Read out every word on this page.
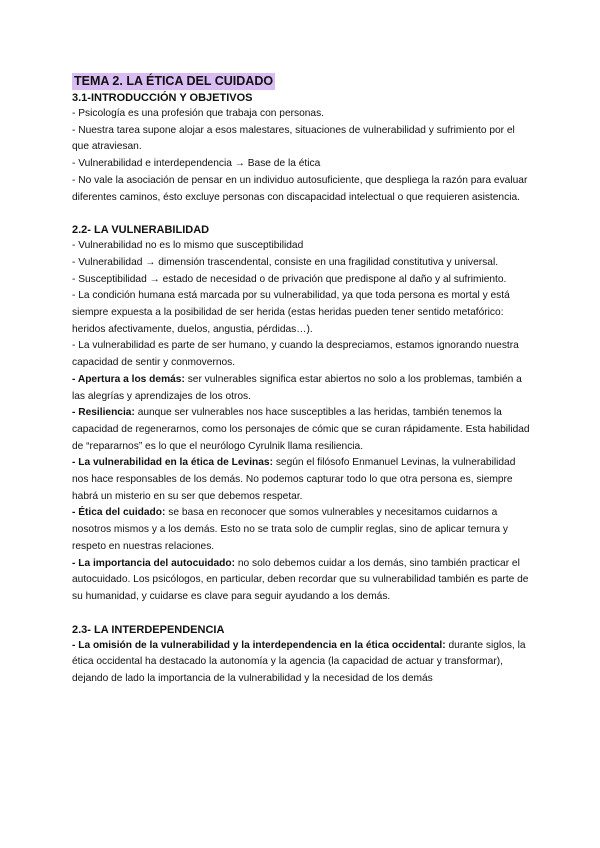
TEMA 2. LA ÉTICA DEL CUIDADO
3.1-INTRODUCCIÓN Y OBJETIVOS

- Psicología es una profesión que trabaja con personas.

- Nuestra tarea supone alojar a esos malestares, situaciones de vulnerabilidad y sufrimiento por el que atraviesan.

- Vulnerabilidad e interdependencia → Base de la ética

- No vale la asociación de pensar en un individuo autosuficiente, que despliega la razón para evaluar diferentes caminos, ésto excluye personas con discapacidad intelectual o que requieren asistencia.

2.2- LA VULNERABILIDAD

- Vulnerabilidad no es lo mismo que susceptibilidad

- Vulnerabilidad → dimensión trascendental, consiste en una fragilidad constitutiva y universal.

- Susceptibilidad → estado de necesidad o de privación que predispone al daño y al sufrimiento.

- La condición humana está marcada por su vulnerabilidad, ya que toda persona es mortal y está siempre expuesta a la posibilidad de ser herida (estas heridas pueden tener sentido metafórico: heridos afectivamente, duelos, angustia, pérdidas…).

- La vulnerabilidad es parte de ser humano, y cuando la despreciamos, estamos ignorando nuestra capacidad de sentir y conmovernos.

- Apertura a los demás: ser vulnerables significa estar abiertos no solo a los problemas, también a las alegrías y aprendizajes de los otros.

- Resiliencia: aunque ser vulnerables nos hace susceptibles a las heridas, también tenemos la capacidad de regenerarnos, como los personajes de cómic que se curan rápidamente. Esta habilidad de “repararnos” es lo que el neurólogo Cyrulnik llama resiliencia.

- La vulnerabilidad en la ética de Levinas: según el filósofo Enmanuel Levinas, la vulnerabilidad nos hace responsables de los demás. No podemos capturar todo lo que otra persona es, siempre habrá un misterio en su ser que debemos respetar.

- Ética del cuidado: se basa en reconocer que somos vulnerables y necesitamos cuidarnos a nosotros mismos y a los demás. Esto no se trata solo de cumplir reglas, sino de aplicar ternura y respeto en nuestras relaciones.

- La importancia del autocuidado: no solo debemos cuidar a los demás, sino también practicar el autocuidado. Los psicólogos, en particular, deben recordar que su vulnerabilidad también es parte de su humanidad, y cuidarse es clave para seguir ayudando a los demás.

2.3- LA INTERDEPENDENCIA

- La omisión de la vulnerabilidad y la interdependencia en la ética occidental: durante siglos, la ética occidental ha destacado la autonomía y la agencia (la capacidad de actuar y transformar), dejando de lado la importancia de la vulnerabilidad y la necesidad de los demás
